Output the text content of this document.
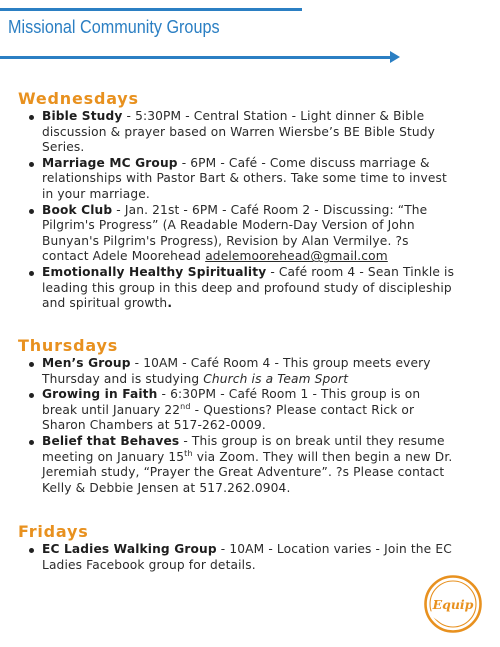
Missional Community Groups
Wednesdays
Bible Study - 5:30PM - Central Station - Light dinner & Bible discussion & prayer based on Warren Wiersbe’s BE Bible Study Series.
Marriage MC Group - 6PM - Café - Come discuss marriage & relationships with Pastor Bart & others. Take some time to invest in your marriage.
Book Club - Jan. 21st - 6PM - Café Room 2 - Discussing: “The Pilgrim's Progress” (A Readable Modern-Day Version of John Bunyan's Pilgrim's Progress), Revision by Alan Vermilye. ?s contact Adele Moorehead adelemoorehead@gmail.com
Emotionally Healthy Spirituality - Café room 4 - Sean Tinkle is leading this group in this deep and profound study of discipleship and spiritual growth.
Thursdays
Men’s Group - 10AM - Café Room 4 - This group meets every Thursday and is studying Church is a Team Sport
Growing in Faith - 6:30PM - Café Room 1 - This group is on break until January 22nd - Questions? Please contact Rick or Sharon Chambers at 517-262-0009.
Belief that Behaves - This group is on break until they resume meeting on January 15th via Zoom. They will then begin a new Dr. Jeremiah study, “Prayer the Great Adventure”. ?s Please contact Kelly & Debbie Jensen at 517.262.0904.
Fridays
EC Ladies Walking Group - 10AM - Location varies - Join the EC Ladies Facebook group for details.
Equip
